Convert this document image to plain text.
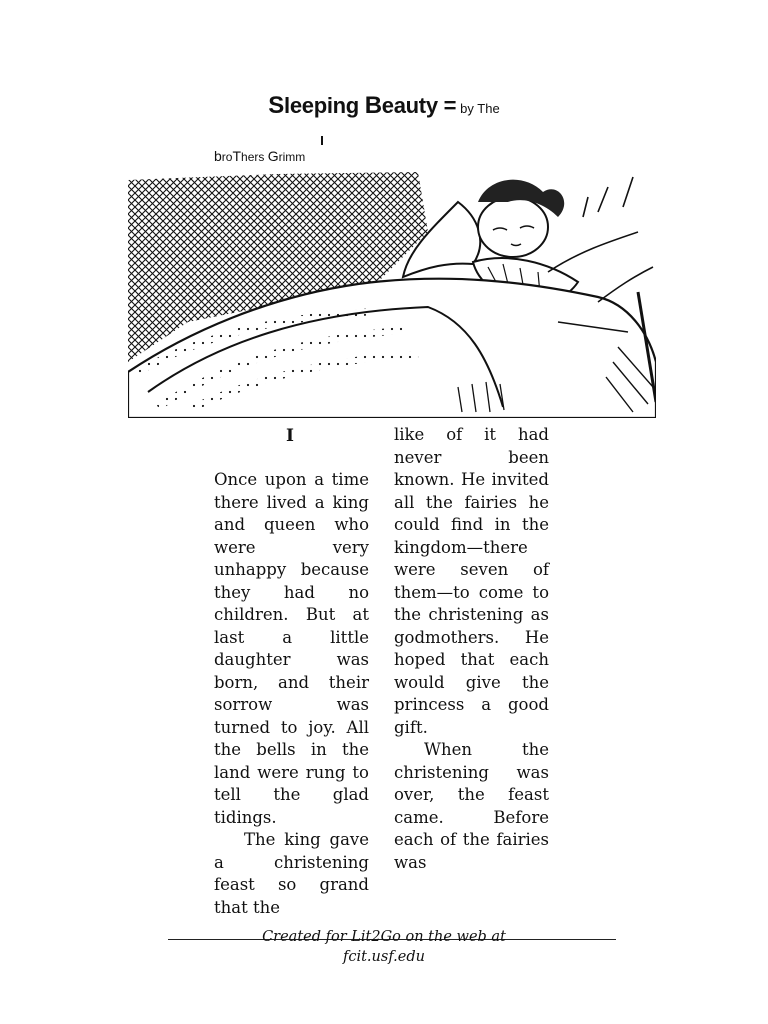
Sleeping Beauty = by The
broThers Grimm
I

Once upon a time there lived a king and queen who were very unhappy because they had no children. But at last a little daughter was born, and their sorrow was turned to joy. All the bells in the land were rung to tell the glad tidings.

The king gave a christening feast so grand that the

like of it had never been known. He invited all the fairies he could find in the kingdom—there were seven of them—to come to the christening as godmothers. He hoped that each would give the princess a good gift.

When the christening was over, the feast came. Before each of the fairies was

Created for Lit2Go on the web at
fcit.usf.edu
